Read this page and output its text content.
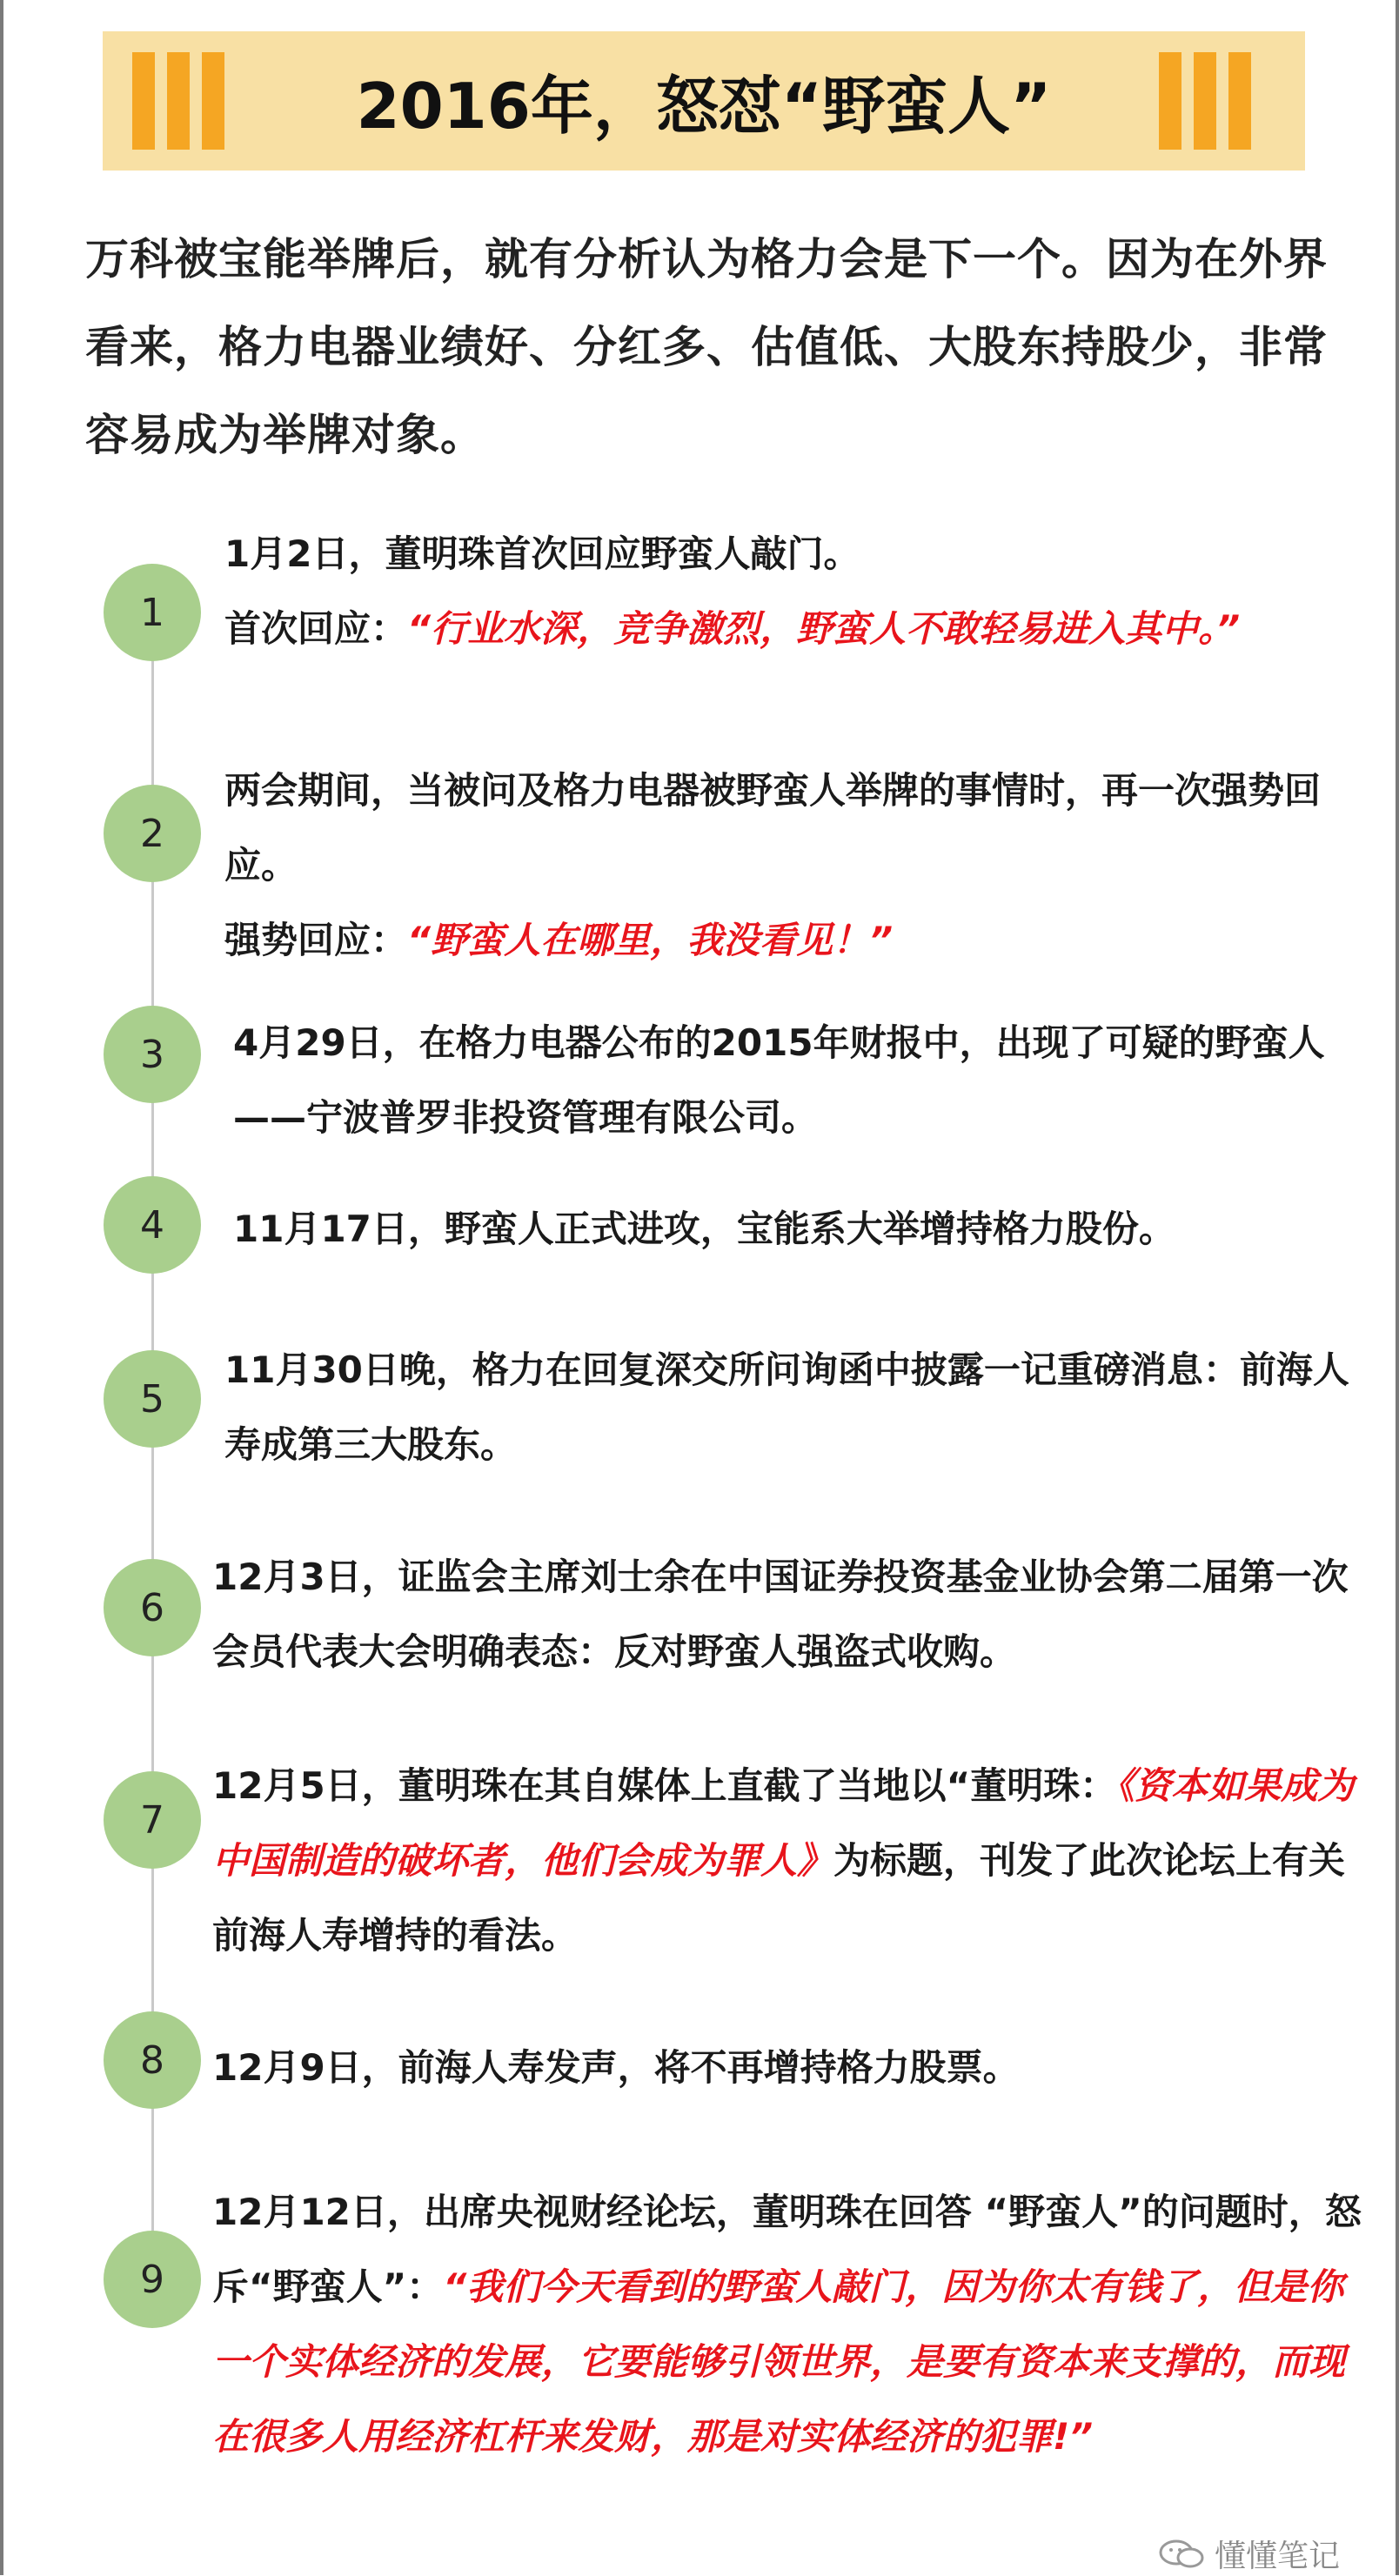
2016年，怒怼“野蛮人”
万科被宝能举牌后，就有分析认为格力会是下一个。因为在外界看来，格力电器业绩好、分红多、估值低、大股东持股少，非常容易成为举牌对象。
1
1月2日，董明珠首次回应野蛮人敲门。
首次回应：“行业水深，竞争激烈，野蛮人不敢轻易进入其中。”
2
两会期间，当被问及格力电器被野蛮人举牌的事情时，再一次强势回应。
强势回应：“野蛮人在哪里，我没看见！”
3	4月29日，在格力电器公布的2015年财报中，出现了可疑的野蛮人——宁波普罗非投资管理有限公司。
4	11月17日，野蛮人正式进攻，宝能系大举增持格力股份。
5
11月30日晚，格力在回复深交所问询函中披露一记重磅消息：前海人寿成第三大股东。
6
12月3日，证监会主席刘士余在中国证券投资基金业协会第二届第一次会员代表大会明确表态：反对野蛮人强盗式收购。
7
12月5日，董明珠在其自媒体上直截了当地以“董明珠：《资本如果成为中国制造的破坏者，他们会成为罪人》为标题，刊发了此次论坛上有关前海人寿增持的看法。
8	12月9日，前海人寿发声，将不再增持格力股票。
9
12月12日，出席央视财经论坛，董明珠在回答 “野蛮人”的问题时，怒斥“野蛮人”：“我们今天看到的野蛮人敲门，因为你太有钱了，但是你一个实体经济的发展，它要能够引领世界，是要有资本来支撑的，而现在很多人用经济杠杆来发财，那是对实体经济的犯罪!”
懂懂笔记
